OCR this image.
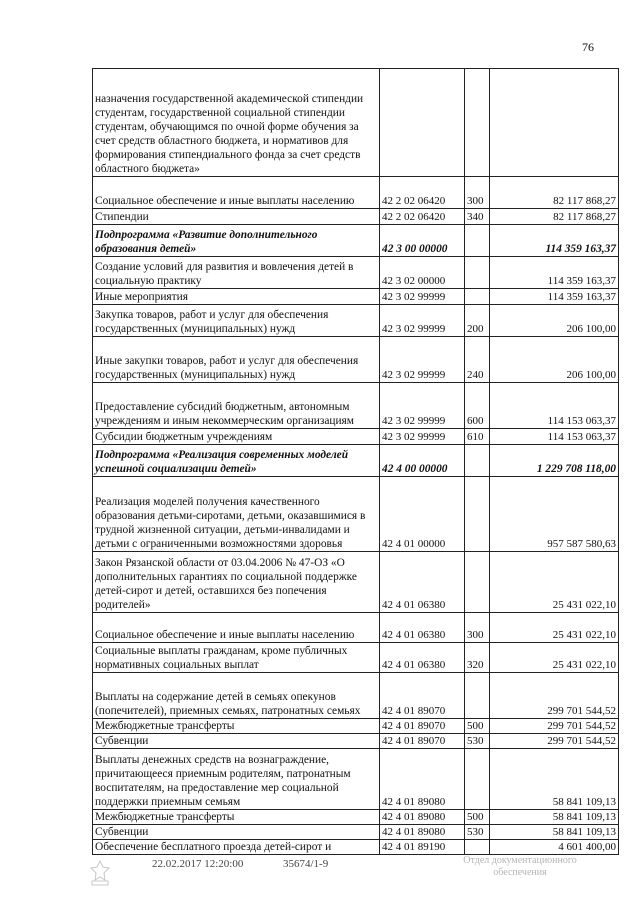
76
назначения государственной академической стипендии студентам, государственной социальной стипендии студентам, обучающимся по очной форме обучения за счет средств областного бюджета, и нормативов для формирования стипендиального фонда за счет средств областного бюджета»			
Социальное обеспечение и иные выплаты населению	42 2 02 06420	300	82 117 868,27
Стипендии	42 2 02 06420	340	82 117 868,27
Подпрограмма «Развитие дополнительного образования детей»	42 3 00 00000		114 359 163,37
Создание условий для развития и вовлечения детей в социальную практику	42 3 02 00000		114 359 163,37
Иные мероприятия	42 3 02 99999		114 359 163,37
Закупка товаров, работ и услуг для обеспечения государственных (муниципальных) нужд	42 3 02 99999	200	206 100,00
Иные закупки товаров, работ и услуг для обеспечения государственных (муниципальных) нужд	42 3 02 99999	240	206 100,00
Предоставление субсидий бюджетным, автономным учреждениям и иным некоммерческим организациям	42 3 02 99999	600	114 153 063,37
Субсидии бюджетным учреждениям	42 3 02 99999	610	114 153 063,37
Подпрограмма «Реализация современных моделей успешной социализации детей»	42 4 00 00000		1 229 708 118,00
Реализация моделей получения качественного образования детьми-сиротами, детьми, оказавшимися в трудной жизненной ситуации, детьми-инвалидами и детьми с ограниченными возможностями здоровья	42 4 01 00000		957 587 580,63
Закон Рязанской области от 03.04.2006 № 47-ОЗ «О дополнительных гарантиях по социальной поддержке детей-сирот и детей, оставшихся без попечения родителей»	42 4 01 06380		25 431 022,10
Социальное обеспечение и иные выплаты населению	42 4 01 06380	300	25 431 022,10
Социальные выплаты гражданам, кроме публичных нормативных социальных выплат	42 4 01 06380	320	25 431 022,10
Выплаты на содержание детей в семьях опекунов (попечителей), приемных семьях, патронатных семьях	42 4 01 89070		299 701 544,52
Межбюджетные трансферты	42 4 01 89070	500	299 701 544,52
Субвенции	42 4 01 89070	530	299 701 544,52
Выплаты денежных средств на вознаграждение, причитающееся приемным родителям, патронатным воспитателям, на предоставление мер социальной поддержки приемным семьям	42 4 01 89080		58 841 109,13
Межбюджетные трансферты	42 4 01 89080	500	58 841 109,13
Субвенции	42 4 01 89080	530	58 841 109,13
Обеспечение бесплатного проезда детей-сирот и	42 4 01 89190		4 601 400,00
22.02.2017 12:20:00	35674/1-9	Отдел документационного
обеспечения
